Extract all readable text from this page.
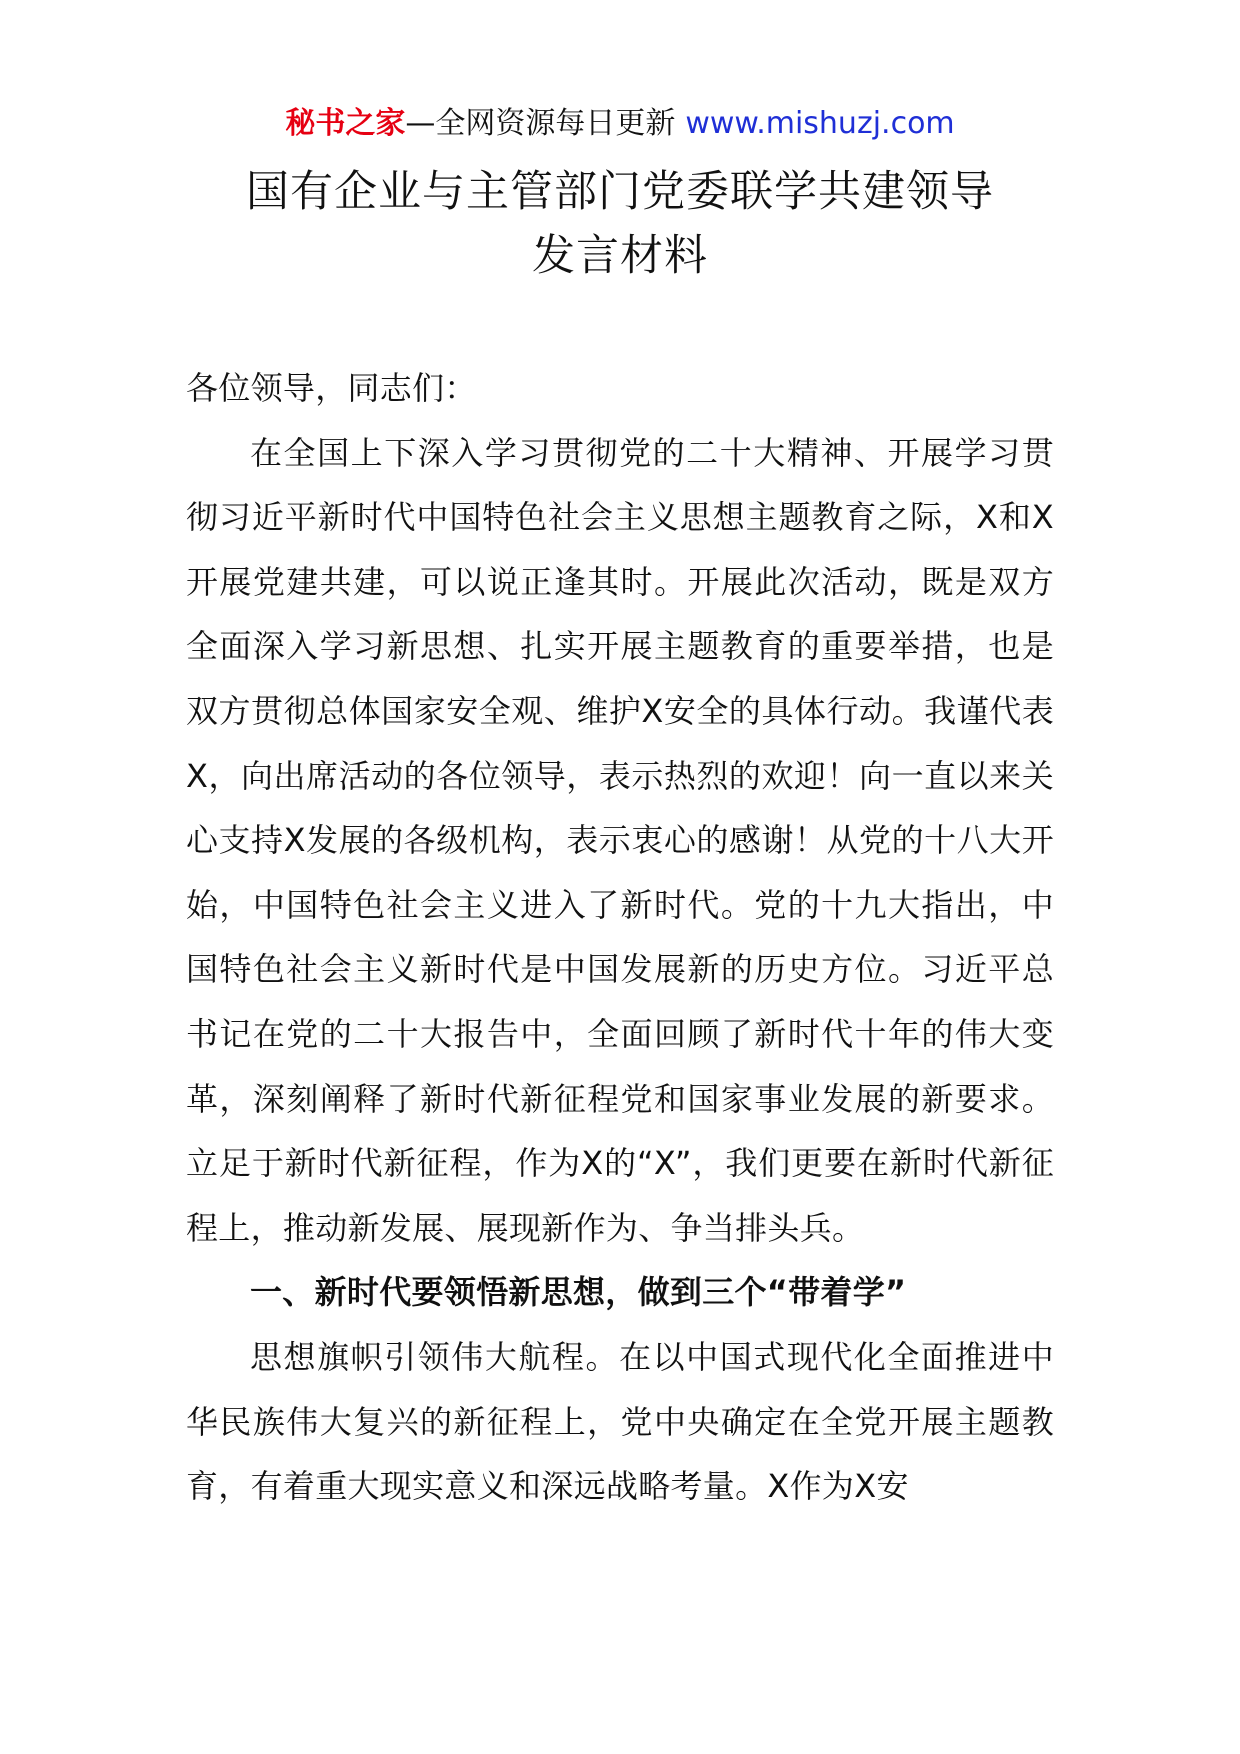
秘书之家—全网资源每日更新 www.mishuzj.com
国有企业与主管部门党委联学共建领导
发言材料

各位领导，同志们：

在全国上下深入学习贯彻党的二十大精神、开展学习贯彻习近平新时代中国特色社会主义思想主题教育之际，X和X开展党建共建，可以说正逢其时。开展此次活动，既是双方全面深入学习新思想、扎实开展主题教育的重要举措，也是双方贯彻总体国家安全观、维护X安全的具体行动。我谨代表X，向出席活动的各位领导，表示热烈的欢迎！向一直以来关心支持X发展的各级机构，表示衷心的感谢！从党的十八大开始，中国特色社会主义进入了新时代。党的十九大指出，中国特色社会主义新时代是中国发展新的历史方位。习近平总书记在党的二十大报告中，全面回顾了新时代十年的伟大变革，深刻阐释了新时代新征程党和国家事业发展的新要求。立足于新时代新征程，作为X的“X”，我们更要在新时代新征程上，推动新发展、展现新作为、争当排头兵。

一、新时代要领悟新思想，做到三个“带着学”

思想旗帜引领伟大航程。在以中国式现代化全面推进中华民族伟大复兴的新征程上，党中央确定在全党开展主题教育，有着重大现实意义和深远战略考量。X作为X安
